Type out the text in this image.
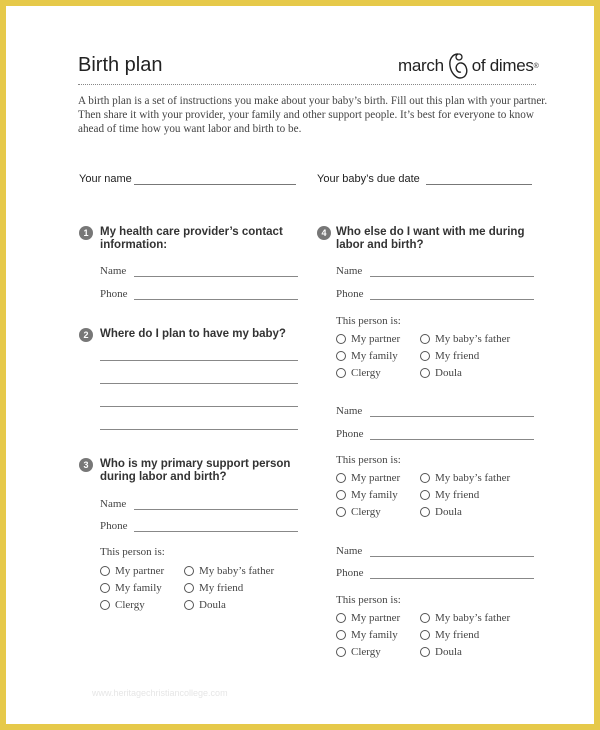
Birth plan	march of dimes ®
A birth plan is a set of instructions you make about your baby’s birth. Fill out this plan with your partner. Then share it with your provider, your family and other support people. It’s best for everyone to know ahead of time how you want labor and birth to be.
Your name	Your baby’s due date
1	My health care provider’s contact information:
Name
Phone
2	Where do I plan to have my baby?
3	Who is my primary support person during labor and birth?
Name
Phone
This person is:
My partner	My baby’s father
My family	My friend
Clergy	Doula
4 Who else do I want with me during labor and birth?
Name
Phone
This person is:
My partner	My baby’s father
My family	My friend
Clergy	Doula
Name
Phone
This person is:
My partner	My baby’s father
My family	My friend
Clergy	Doula
Name
Phone
This person is:
My partner	My baby’s father
My family	My friend
Clergy	Doula
www.heritagechristiancollege.com
